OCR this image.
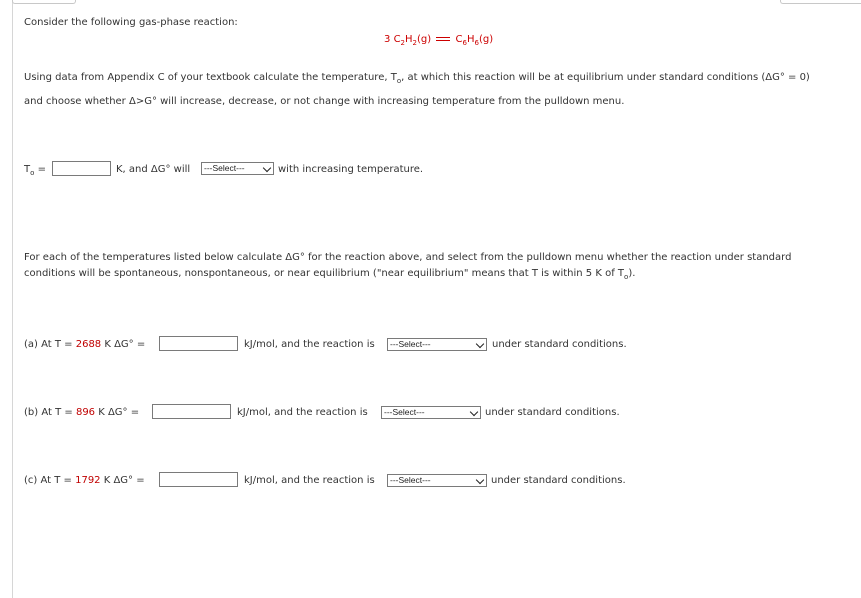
Consider the following gas-phase reaction:
3 $C_2H_2(g)$ $C_6H_6(g)$
Using data from Appendix C of your textbook calculate the temperature, $T_o$, at which this reaction will be at equilibrium under standard conditions (ΔG° = 0)
and choose whether Δ>G° will increase, decrease, or not change with increasing temperature from the pulldown menu.
$T_o$ =	K, and ΔG° will	---Select---	with increasing temperature.
For each of the temperatures listed below calculate ΔG° for the reaction above, and select from the pulldown menu whether the reaction under standard
conditions will be spontaneous, nonspontaneous, or near equilibrium ("near equilibrium" means that T is within 5 K of $T_o$).
(a) At T = 2688 K ΔG° =	kJ/mol, and the reaction is	---Select---	under standard conditions.
(b) At T = 896 K ΔG° =	kJ/mol, and the reaction is	---Select---	under standard conditions.
(c) At T = 1792 K ΔG° =	kJ/mol, and the reaction is	---Select---	under standard conditions.
